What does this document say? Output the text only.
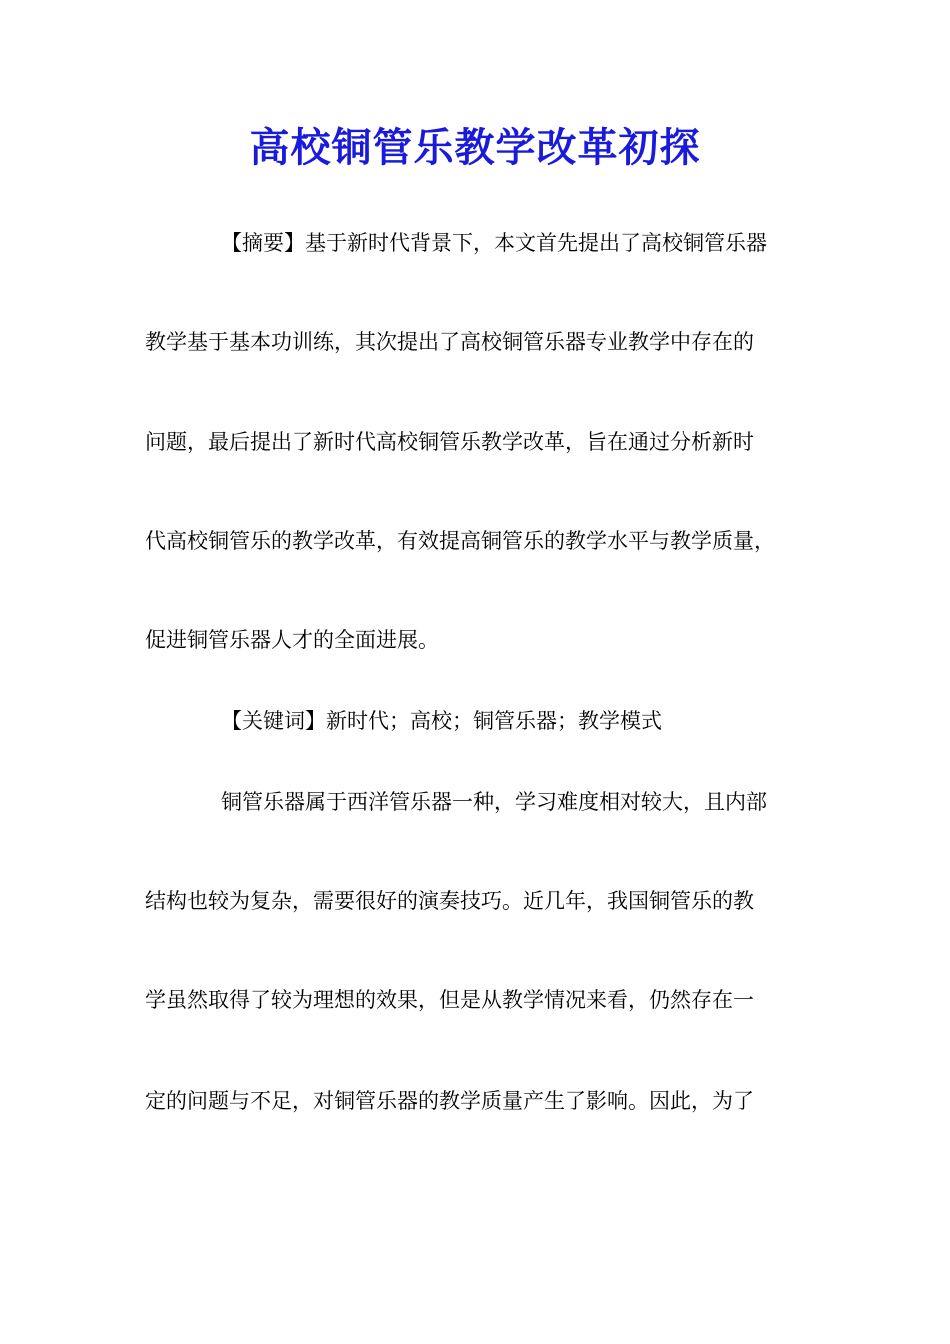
高校铜管乐教学改革初探
【摘要】基于新时代背景下，本文首先提出了高校铜管乐器
教学基于基本功训练，其次提出了高校铜管乐器专业教学中存在的
问题，最后提出了新时代高校铜管乐教学改革，旨在通过分析新时
代高校铜管乐的教学改革，有效提高铜管乐的教学水平与教学质量，
促进铜管乐器人才的全面进展。
【关键词】新时代；高校；铜管乐器；教学模式
铜管乐器属于西洋管乐器一种，学习难度相对较大，且内部
结构也较为复杂，需要很好的演奏技巧。近几年，我国铜管乐的教
学虽然取得了较为理想的效果，但是从教学情况来看，仍然存在一
定的问题与不足，对铜管乐器的教学质量产生了影响。因此，为了
